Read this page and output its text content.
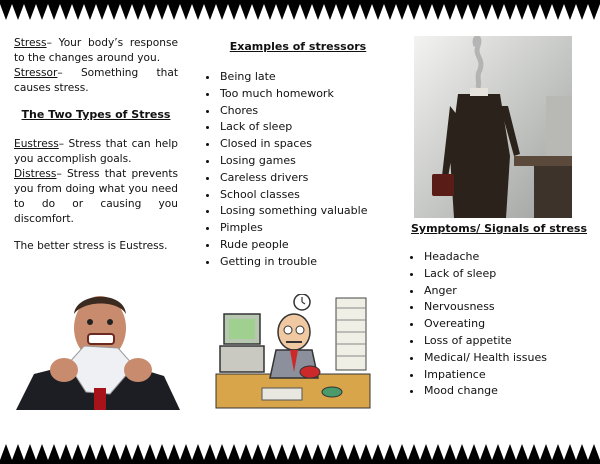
Stress– Your body’s response to the changes around you.
Stressor– Something that causes stress.

The Two Types of Stress

Eustress– Stress that can help you accomplish goals.
Distress– Stress that prevents you from doing what you need to do or causing you discomfort.

The better stress is Eustress.

Examples of stressors
Being late
Too much homework
Chores
Lack of sleep
Closed in spaces
Losing games
Careless drivers
School classes
Losing something valuable
Pimples
Rude people
Getting in trouble
Symptoms/ Signals of stress
Headache
Lack of sleep
Anger
Nervousness
Overeating
Loss of appetite
Medical/ Health issues
Impatience
Mood change
